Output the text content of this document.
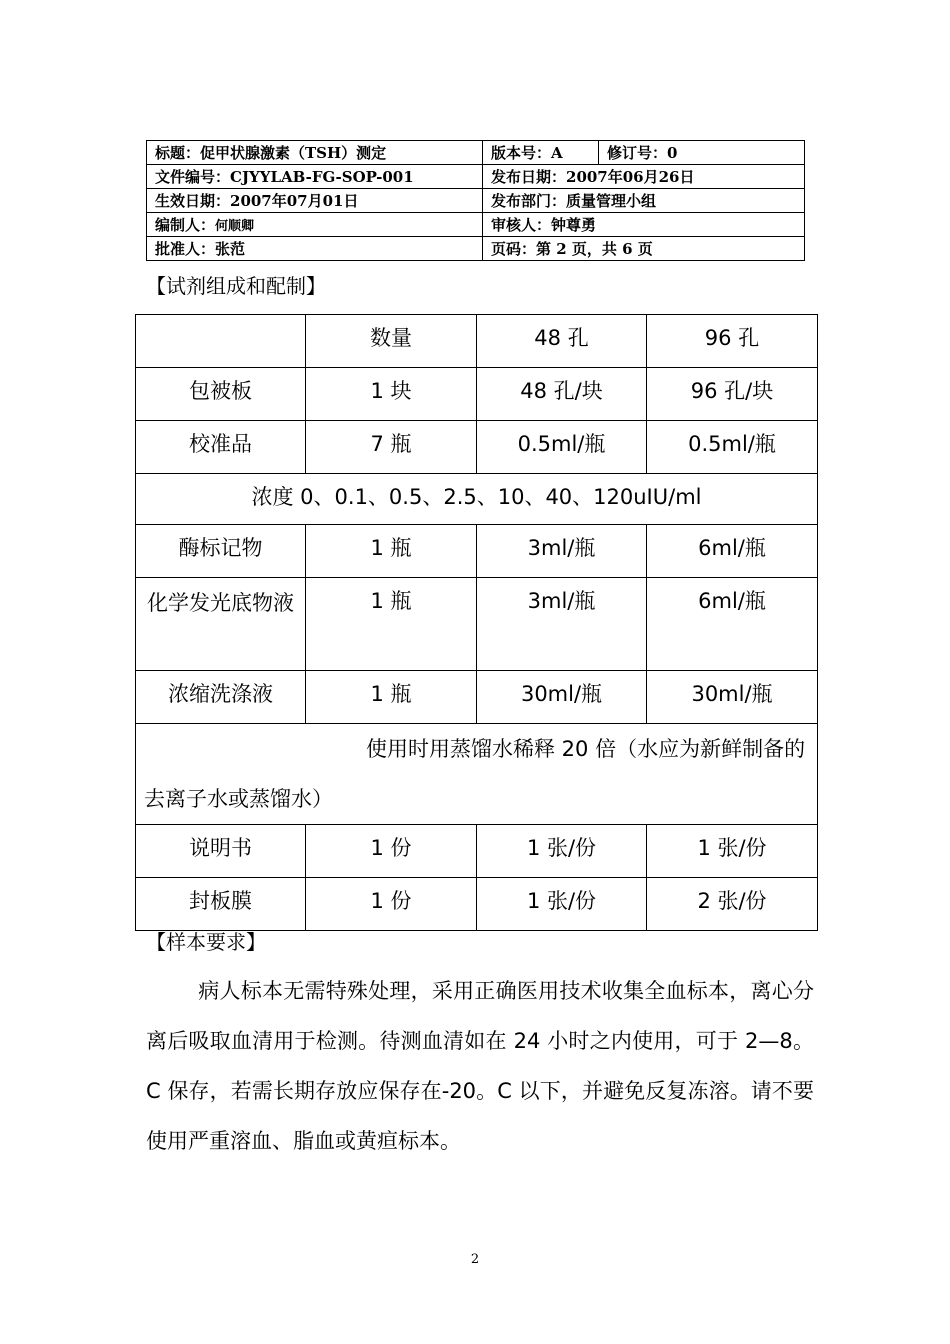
标题：促甲状腺激素（TSH）测定	版本号：A	修订号：0
文件编号：CJYYLAB-FG-SOP-001	发布日期：2007年06月26日	
生效日期：2007年07月01日	发布部门：质量管理小组	
编制人：何顺卿	审核人：钟尊勇	
批准人：张范	页码：第 2 页，共 6 页	
【试剂组成和配制】
	数量	48 孔	96 孔
包被板	1 块	48 孔/块	96 孔/块
校准品	7 瓶	0.5ml/瓶	0.5ml/瓶
浓度 0、0.1、0.5、2.5、10、40、120uIU/ml			
酶标记物	1 瓶	3ml/瓶	6ml/瓶
化学发光底物液	1 瓶	3ml/瓶	6ml/瓶
浓缩洗涤液	1 瓶	30ml/瓶	30ml/瓶
使用时用蒸馏水稀释 20 倍（水应为新鲜制备的去离子水或蒸馏水）			
说明书	1 份	1 张/份	1 张/份
封板膜	1 份	1 张/份	2 张/份
【样本要求】
病人标本无需特殊处理，采用正确医用技术收集全血标本，离心分离后吸取血清用于检测。待测血清如在 24 小时之内使用，可于 2—8。C 保存，若需长期存放应保存在-20。C 以下，并避免反复冻溶。请不要使用严重溶血、脂血或黄疸标本。
2
